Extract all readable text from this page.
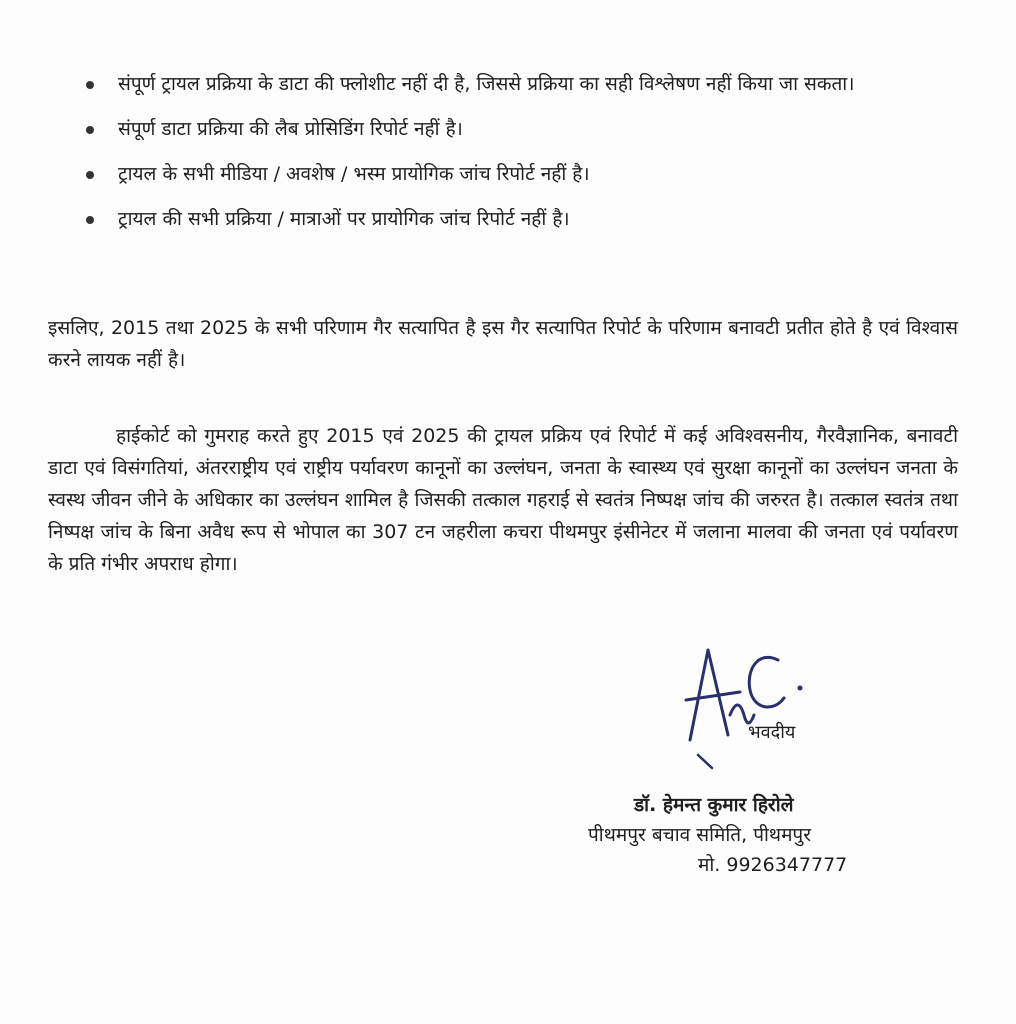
संपूर्ण ट्रायल प्रक्रिया के डाटा की फ्लोशीट नहीं दी है, जिससे प्रक्रिया का सही विश्लेषण नहीं किया जा सकता।
संपूर्ण डाटा प्रक्रिया की लैब प्रोसिडिंग रिपोर्ट नहीं है।
ट्रायल के सभी मीडिया / अवशेष / भस्म प्रायोगिक जांच रिपोर्ट नहीं है।
ट्रायल की सभी प्रक्रिया / मात्राओं पर प्रायोगिक जांच रिपोर्ट नहीं है।

इसलिए, 2015 तथा 2025 के सभी परिणाम गैर सत्यापित है इस गैर सत्यापित रिपोर्ट के परिणाम बनावटी प्रतीत होते है एवं विश्वास करने लायक नहीं है।

हाईकोर्ट को गुमराह करते हुए 2015 एवं 2025 की ट्रायल प्रक्रिय एवं रिपोर्ट में कई अविश्वसनीय, गैरवैज्ञानिक, बनावटी डाटा एवं विसंगतियां, अंतरराष्ट्रीय एवं राष्ट्रीय पर्यावरण कानूनों का उल्लंघन, जनता के स्वास्थ्य एवं सुरक्षा कानूनों का उल्लंघन जनता के स्वस्थ जीवन जीने के अधिकार का उल्लंघन शामिल है जिसकी तत्काल गहराई से स्वतंत्र निष्पक्ष जांच की जरुरत है। तत्काल स्वतंत्र तथा निष्पक्ष जांच के बिना अवैध रूप से भोपाल का 307 टन जहरीला कचरा पीथमपुर इंसीनेटर में जलाना मालवा की जनता एवं पर्यावरण के प्रति गंभीर अपराध होगा।

भवदीय
डॉ. हेमन्त कुमार हिरोले
पीथमपुर बचाव समिति, पीथमपुर
मो. 9926347777
